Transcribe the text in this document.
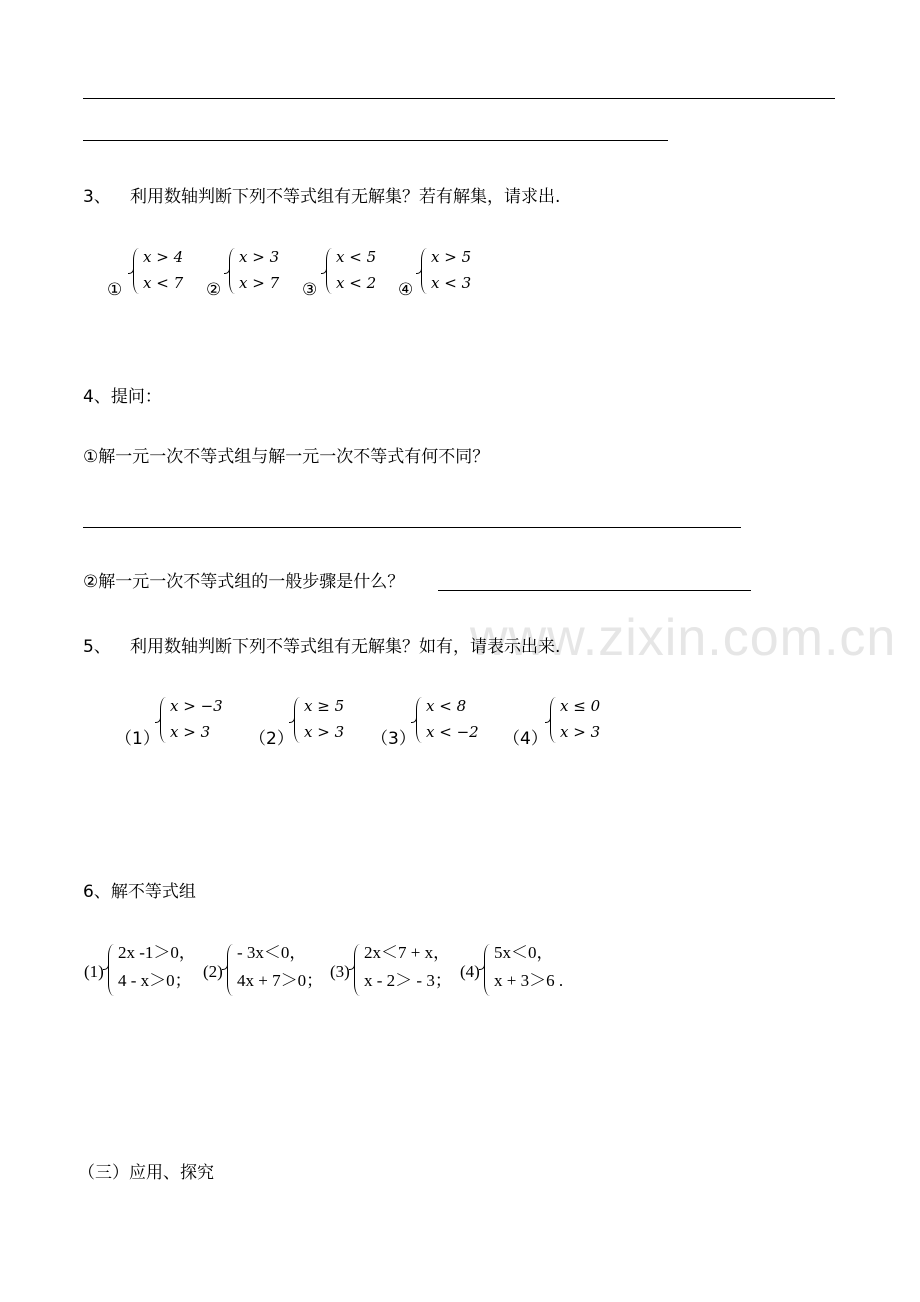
3、 利用数轴判断下列不等式组有无解集？若有解集，请求出.
①
x > 4
x < 7 ②
x > 3
x > 7 ③
x < 5
x < 2 ④
x > 5
x < 3
4、提问：
①解一元一次不等式组与解一元一次不等式有何不同？
②解一元一次不等式组的一般步骤是什么？
www.zixin.com.cn
5、 利用数轴判断下列不等式组有无解集？如有，请表示出来.
（1）
x > −3
x > 3 （2）
x ≥ 5
x > 3 （3）
x < 8
x < −2 （4）
x ≤ 0
x > 3
6、解不等式组
(1)
2x -1＞0，
4 - x＞0； (2)
- 3x＜0，
4x + 7＞0； (3)
2x＜7 + x，
x - 2＞ - 3； (4)
5x＜0，
x + 3＞6 .
（三）应用、探究
